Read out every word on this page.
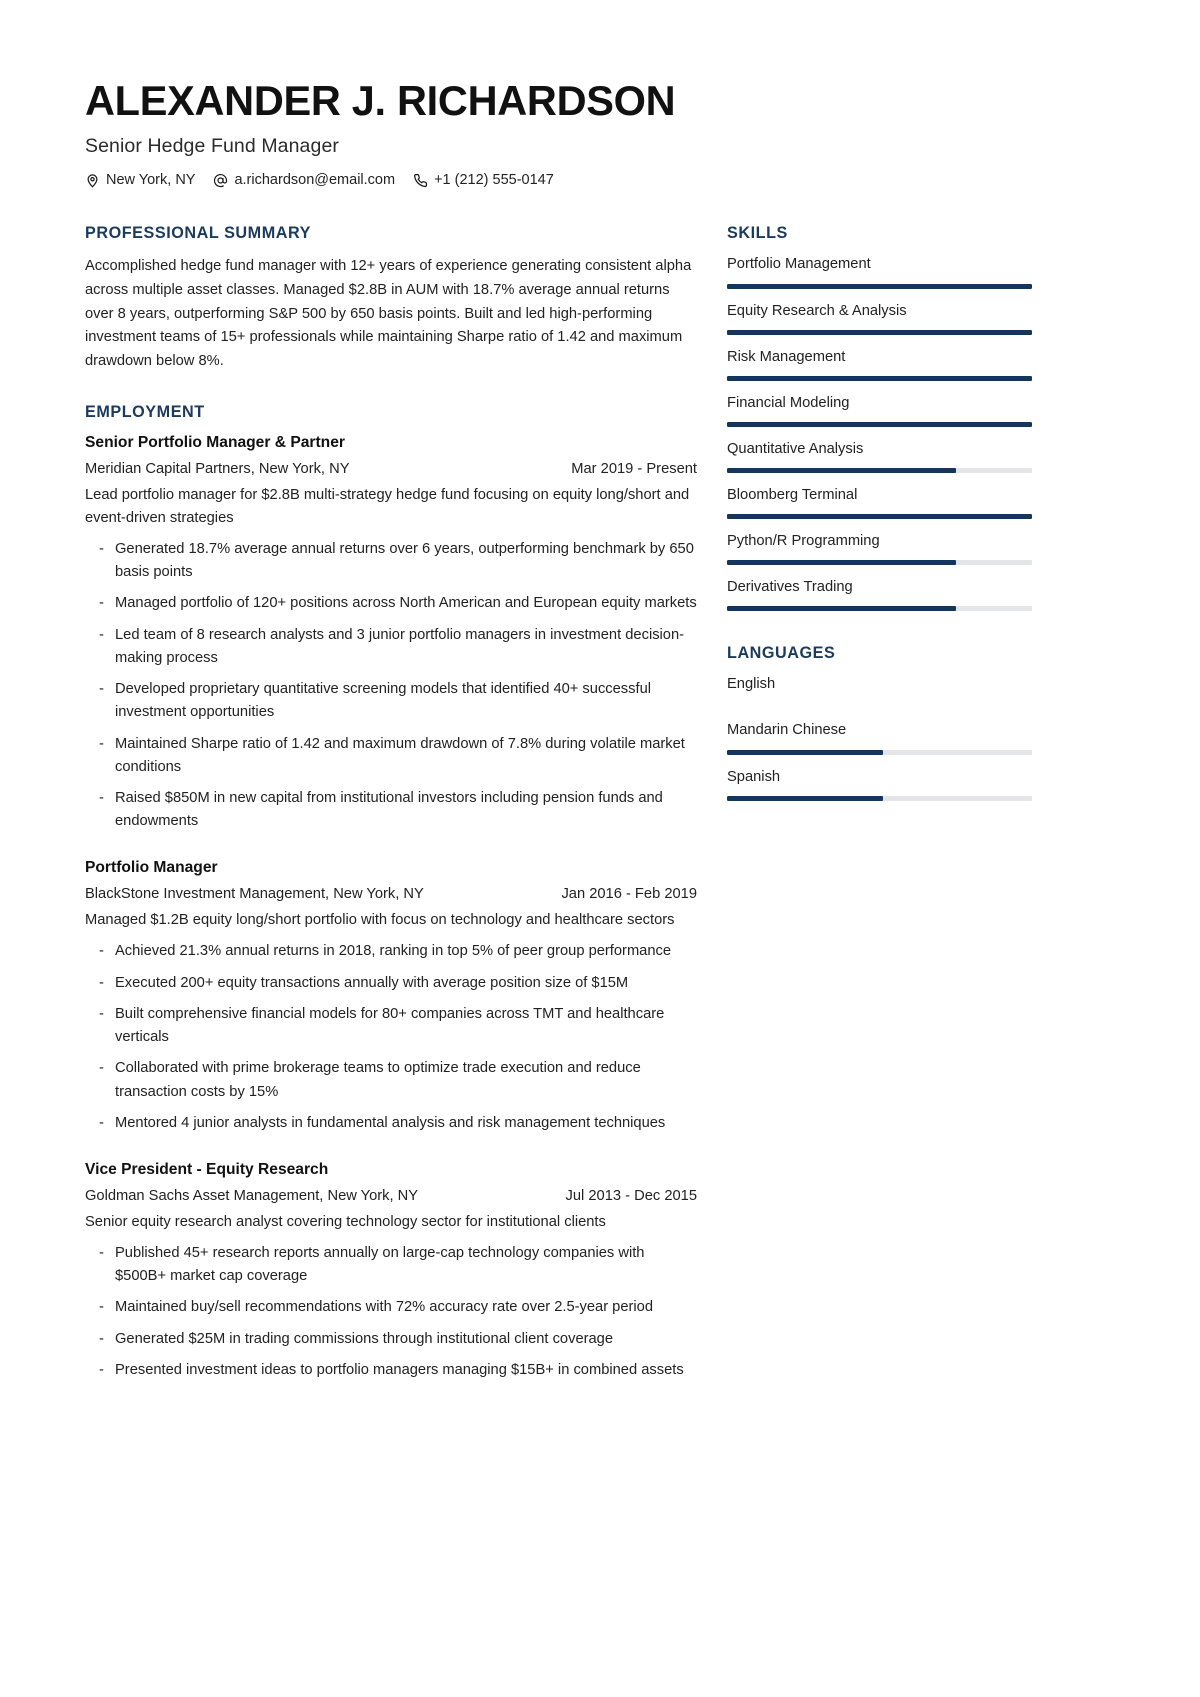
ALEXANDER J. RICHARDSON
Senior Hedge Fund Manager
New York, NY	a.richardson@email.com	+1 (212) 555-0147
PROFESSIONAL SUMMARY

Accomplished hedge fund manager with 12+ years of experience generating consistent alpha across multiple asset classes. Managed $2.8B in AUM with 18.7% average annual returns over 8 years, outperforming S&P 500 by 650 basis points. Built and led high-performing investment teams of 15+ professionals while maintaining Sharpe ratio of 1.42 and maximum drawdown below 8%.

EMPLOYMENT
Senior Portfolio Manager & Partner
Meridian Capital Partners, New York, NY	Mar 2019 - Present
Lead portfolio manager for $2.8B multi-strategy hedge fund focusing on equity long/short and event-driven strategies
- Generated 18.7% average annual returns over 6 years, outperforming benchmark by 650 basis points
- Managed portfolio of 120+ positions across North American and European equity markets
- Led team of 8 research analysts and 3 junior portfolio managers in investment decision-making process
- Developed proprietary quantitative screening models that identified 40+ successful investment opportunities
- Maintained Sharpe ratio of 1.42 and maximum drawdown of 7.8% during volatile market conditions
- Raised $850M in new capital from institutional investors including pension funds and endowments
Portfolio Manager
BlackStone Investment Management, New York, NY	Jan 2016 - Feb 2019
Managed $1.2B equity long/short portfolio with focus on technology and healthcare sectors
- Achieved 21.3% annual returns in 2018, ranking in top 5% of peer group performance
- Executed 200+ equity transactions annually with average position size of $15M
- Built comprehensive financial models for 80+ companies across TMT and healthcare verticals
- Collaborated with prime brokerage teams to optimize trade execution and reduce transaction costs by 15%
- Mentored 4 junior analysts in fundamental analysis and risk management techniques
Vice President - Equity Research
Goldman Sachs Asset Management, New York, NY	Jul 2013 - Dec 2015
Senior equity research analyst covering technology sector for institutional clients
- Published 45+ research reports annually on large-cap technology companies with $500B+ market cap coverage
- Maintained buy/sell recommendations with 72% accuracy rate over 2.5-year period
- Generated $25M in trading commissions through institutional client coverage
- Presented investment ideas to portfolio managers managing $15B+ in combined assets
SKILLS
Portfolio Management
Equity Research & Analysis
Risk Management
Financial Modeling
Quantitative Analysis
Bloomberg Terminal
Python/R Programming
Derivatives Trading
LANGUAGES
English
Mandarin Chinese
Spanish
